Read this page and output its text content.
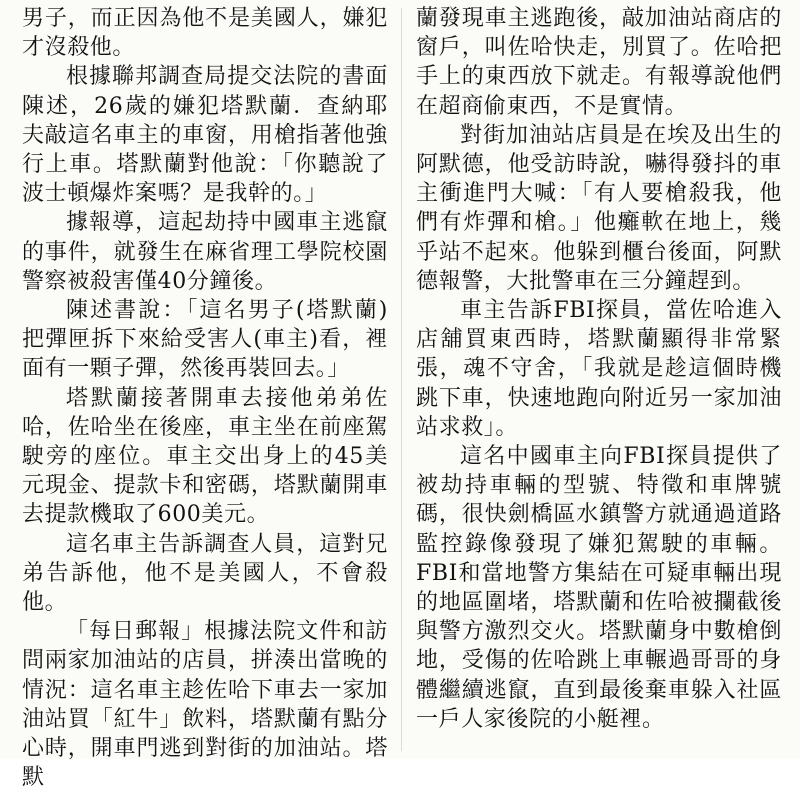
男子，而正因為他不是美國人，嫌犯才沒殺他。

根據聯邦調查局提交法院的書面陳述，26歲的嫌犯塔默蘭．查納耶夫敲這名車主的車窗，用槍指著他強行上車。塔默蘭對他說：「你聽說了波士頓爆炸案嗎？是我幹的。」

據報導，這起劫持中國車主逃竄的事件，就發生在麻省理工學院校園警察被殺害僅40分鐘後。

陳述書說：「這名男子(塔默蘭)把彈匣拆下來給受害人(車主)看，裡面有一顆子彈，然後再裝回去。」

塔默蘭接著開車去接他弟弟佐哈，佐哈坐在後座，車主坐在前座駕駛旁的座位。車主交出身上的45美元現金、提款卡和密碼，塔默蘭開車去提款機取了600美元。

這名車主告訴調查人員，這對兄弟告訴他，他不是美國人，不會殺他。

「每日郵報」根據法院文件和訪問兩家加油站的店員，拼湊出當晚的情況：這名車主趁佐哈下車去一家加油站買「紅牛」飲料，塔默蘭有點分心時，開車門逃到對街的加油站。塔默

蘭發現車主逃跑後，敲加油站商店的窗戶，叫佐哈快走，別買了。佐哈把手上的東西放下就走。有報導說他們在超商偷東西，不是實情。

對街加油站店員是在埃及出生的阿默德，他受訪時說，嚇得發抖的車主衝進門大喊：「有人要槍殺我，他們有炸彈和槍。」他癱軟在地上，幾乎站不起來。他躲到櫃台後面，阿默德報警，大批警車在三分鐘趕到。

車主告訴FBI探員，當佐哈進入店舖買東西時，塔默蘭顯得非常緊張，魂不守舍，「我就是趁這個時機跳下車，快速地跑向附近另一家加油站求救」。

這名中國車主向FBI探員提供了被劫持車輛的型號、特徵和車牌號碼，很快劍橋區水鎮警方就通過道路監控錄像發現了嫌犯駕駛的車輛。FBI和當地警方集結在可疑車輛出現的地區圍堵，塔默蘭和佐哈被攔截後與警方激烈交火。塔默蘭身中數槍倒地，受傷的佐哈跳上車輾過哥哥的身體繼續逃竄，直到最後棄車躲入社區一戶人家後院的小艇裡。
